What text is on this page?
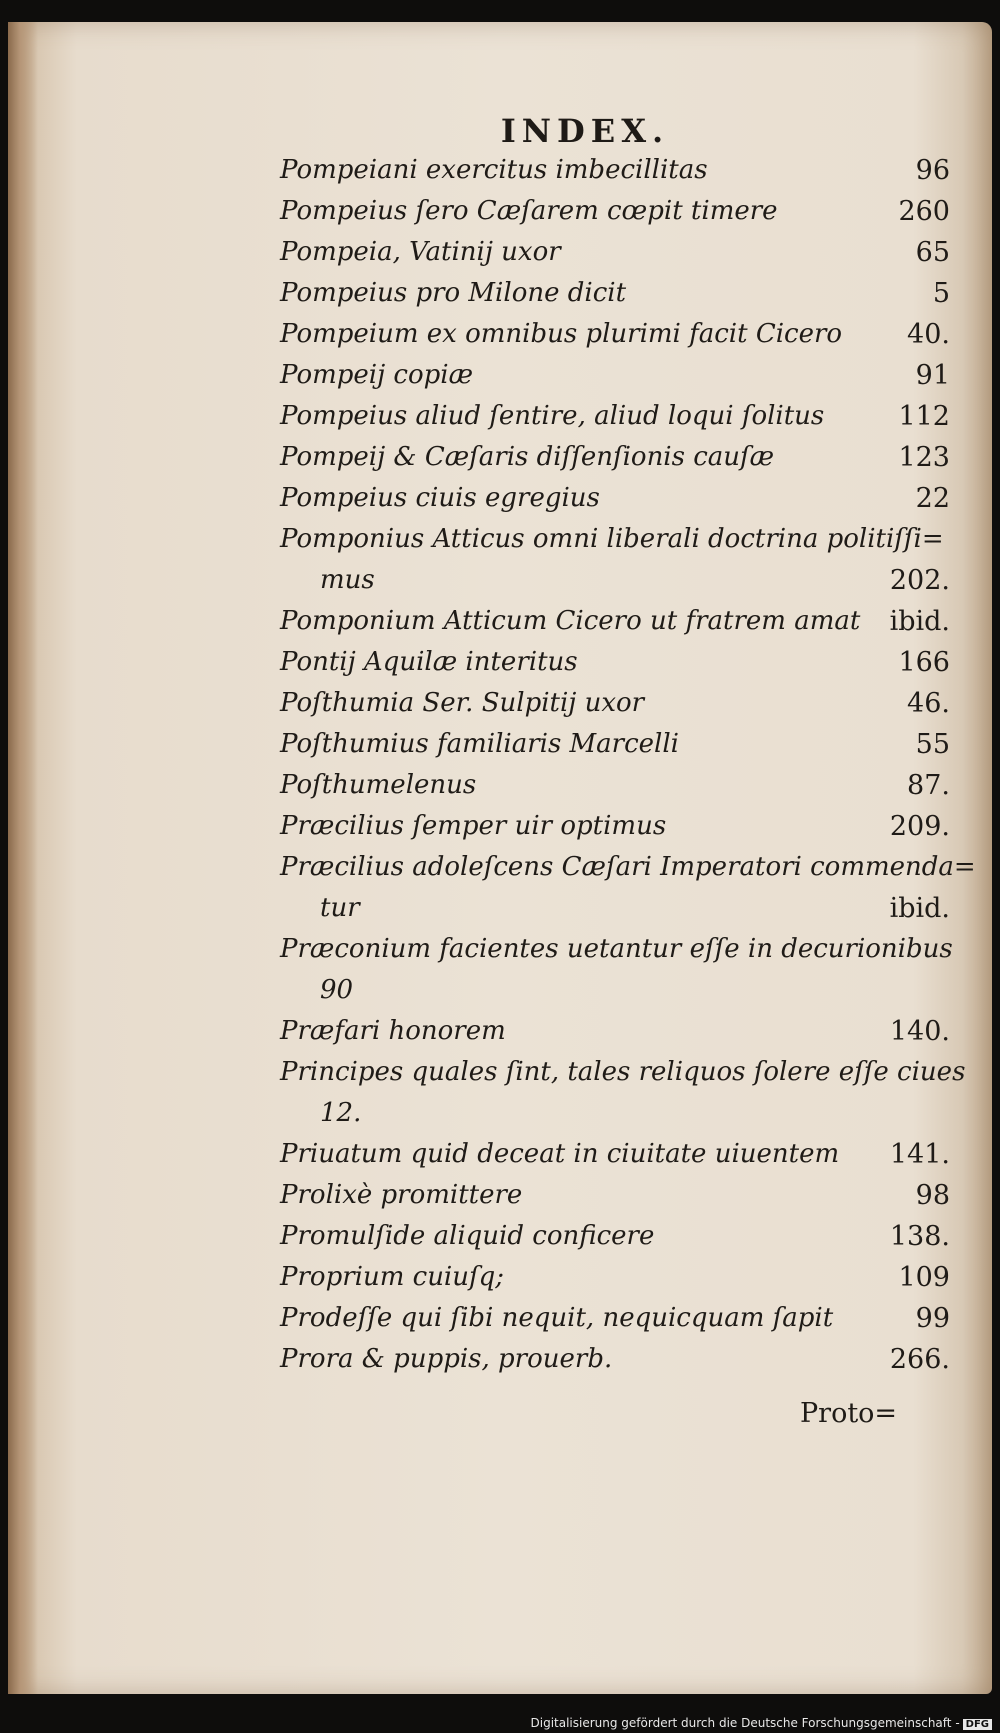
INDEX.
Pompeiani exercitus imbecillitas	96
Pompeius ſero Cæſarem cœpit timere	260
Pompeia, Vatinij uxor	65
Pompeius pro Milone dicit	5
Pompeium ex omnibus plurimi facit Cicero 40.
Pompeij copiæ	91
Pompeius aliud ſentire, aliud loqui ſolitus	112
Pompeij & Cæſaris diſſenſionis cauſæ	123
Pompeius ciuis egregius	22
Pomponius Atticus omni liberali doctrina politiſſi=
mus	202.
Pomponium Atticum Cicero ut fratrem amat ibid.
Pontij Aquilæ interitus	166
Poſthumia Ser. Sulpitij uxor	46.
Poſthumius familiaris Marcelli	55
Poſthumelenus	87.
Præcilius ſemper uir optimus	209.
Præcilius adoleſcens Cæſari Imperatori commenda=
tur	ibid.
Præconium facientes uetantur eſſe in decurionibus
90
Præfari honorem	140.
Principes quales ſint, tales reliquos ſolere eſſe ciues
12.
Priuatum quid deceat in ciuitate uiuentem 141.
Prolixè promittere	98
Promulſide aliquid conficere	138.
Proprium cuiuſq;	109
Prodeſſe qui ſibi nequit, nequicquam ſapit	99
Prora & puppis, prouerb.	266.
Proto=
Digitalisierung gefördert durch die Deutsche Forschungsgemeinschaft - DFG
